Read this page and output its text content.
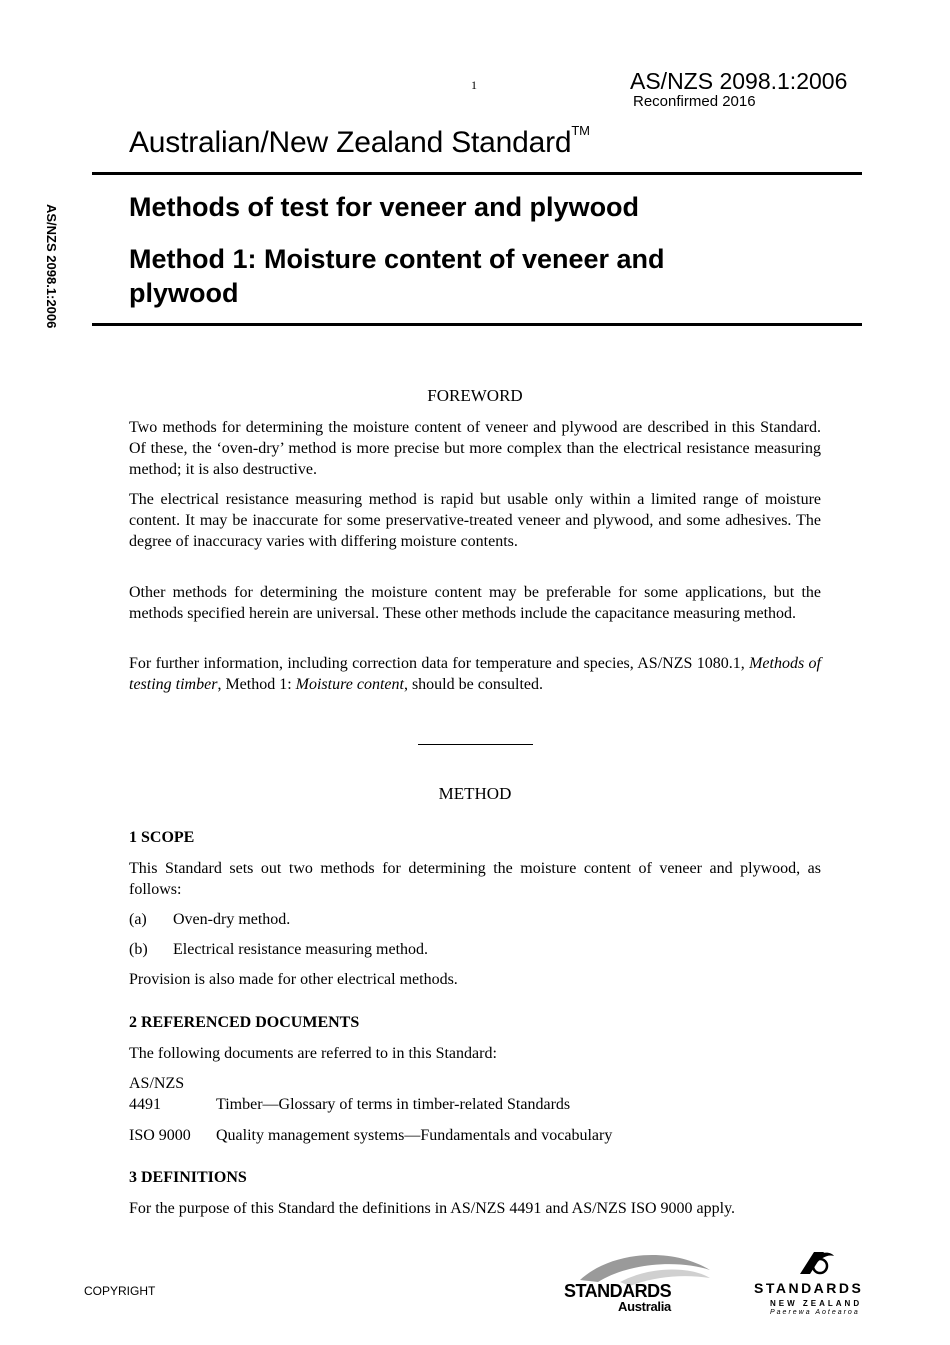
1	AS/NZS 2098.1:2006
Reconfirmed 2016
Australian/New Zealand Standard™
AS/NZS 2098.1:2006	Methods of test for veneer and plywood
Method 1: Moisture content of veneer and
plywood
FOREWORD
Two methods for determining the moisture content of veneer and plywood are described in this Standard. Of these, the ‘oven-dry’ method is more precise but more complex than the electrical resistance measuring method; it is also destructive.
The electrical resistance measuring method is rapid but usable only within a limited range of moisture content. It may be inaccurate for some preservative-treated veneer and plywood, and some adhesives. The degree of inaccuracy varies with differing moisture contents.
Other methods for determining the moisture content may be preferable for some applications, but the methods specified herein are universal. These other methods include the capacitance measuring method.
For further information, including correction data for temperature and species, AS/NZS 1080.1, Methods of testing timber, Method 1: Moisture content, should be consulted.
METHOD
1 SCOPE
This Standard sets out two methods for determining the moisture content of veneer and plywood, as follows:
(a) Oven-dry method.
(b) Electrical resistance measuring method.
Provision is also made for other electrical methods.
2 REFERENCED DOCUMENTS
The following documents are referred to in this Standard:
AS/NZS
4491	Timber—Glossary of terms in timber-related Standards
ISO 9000 Quality management systems—Fundamentals and vocabulary
3 DEFINITIONS
For the purpose of this Standard the definitions in AS/NZS 4491 and AS/NZS ISO 9000 apply.
COPYRIGHT	STANDARDS
Australia
STANDARDS
NEW ZEALAND
Paerewa Aotearoa
